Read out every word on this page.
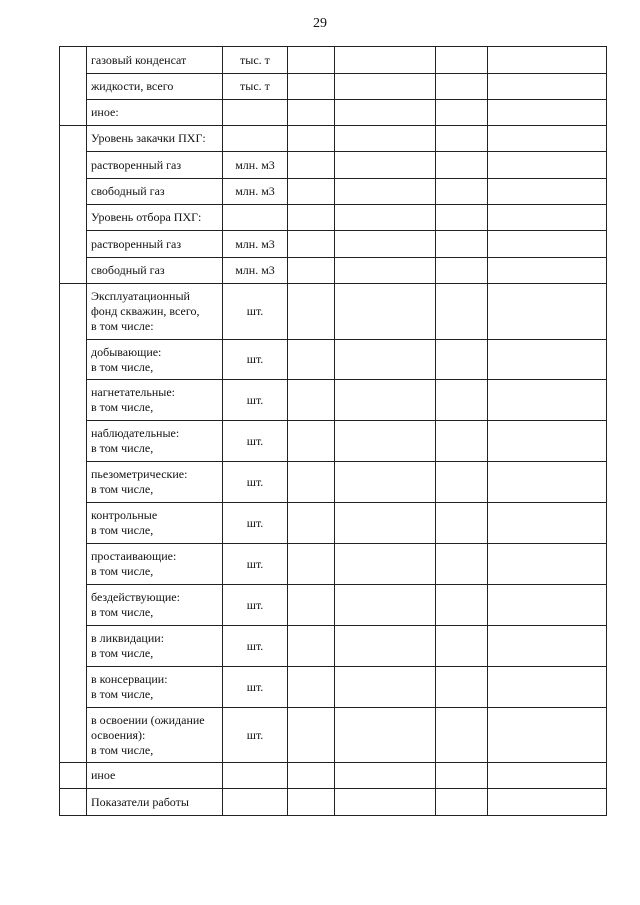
29
	газовый конденсат	тыс. т				
	жидкости, всего	тыс. т				
	иное:					
	Уровень закачки ПХГ:					
	растворенный газ	млн. м3				
	свободный газ	млн. м3				
	Уровень отбора ПХГ:					
	растворенный газ	млн. м3				
	свободный газ	млн. м3				
	Эксплуатационный
фонд скважин, всего,
в том числе:	шт.				
	добывающие:
в том числе,	шт.				
	нагнетательные:
в том числе,	шт.				
	наблюдательные:
в том числе,	шт.				
	пьезометрические:
в том числе,	шт.				
	контрольные
в том числе,	шт.				
	простаивающие:
в том числе,	шт.				
	бездействующие:
в том числе,	шт.				
	в ликвидации:
в том числе,	шт.				
	в консервации:
в том числе,	шт.				
	в освоении (ожидание
освоения):
в том числе,	шт.				
	иное					
	Показатели работы					
